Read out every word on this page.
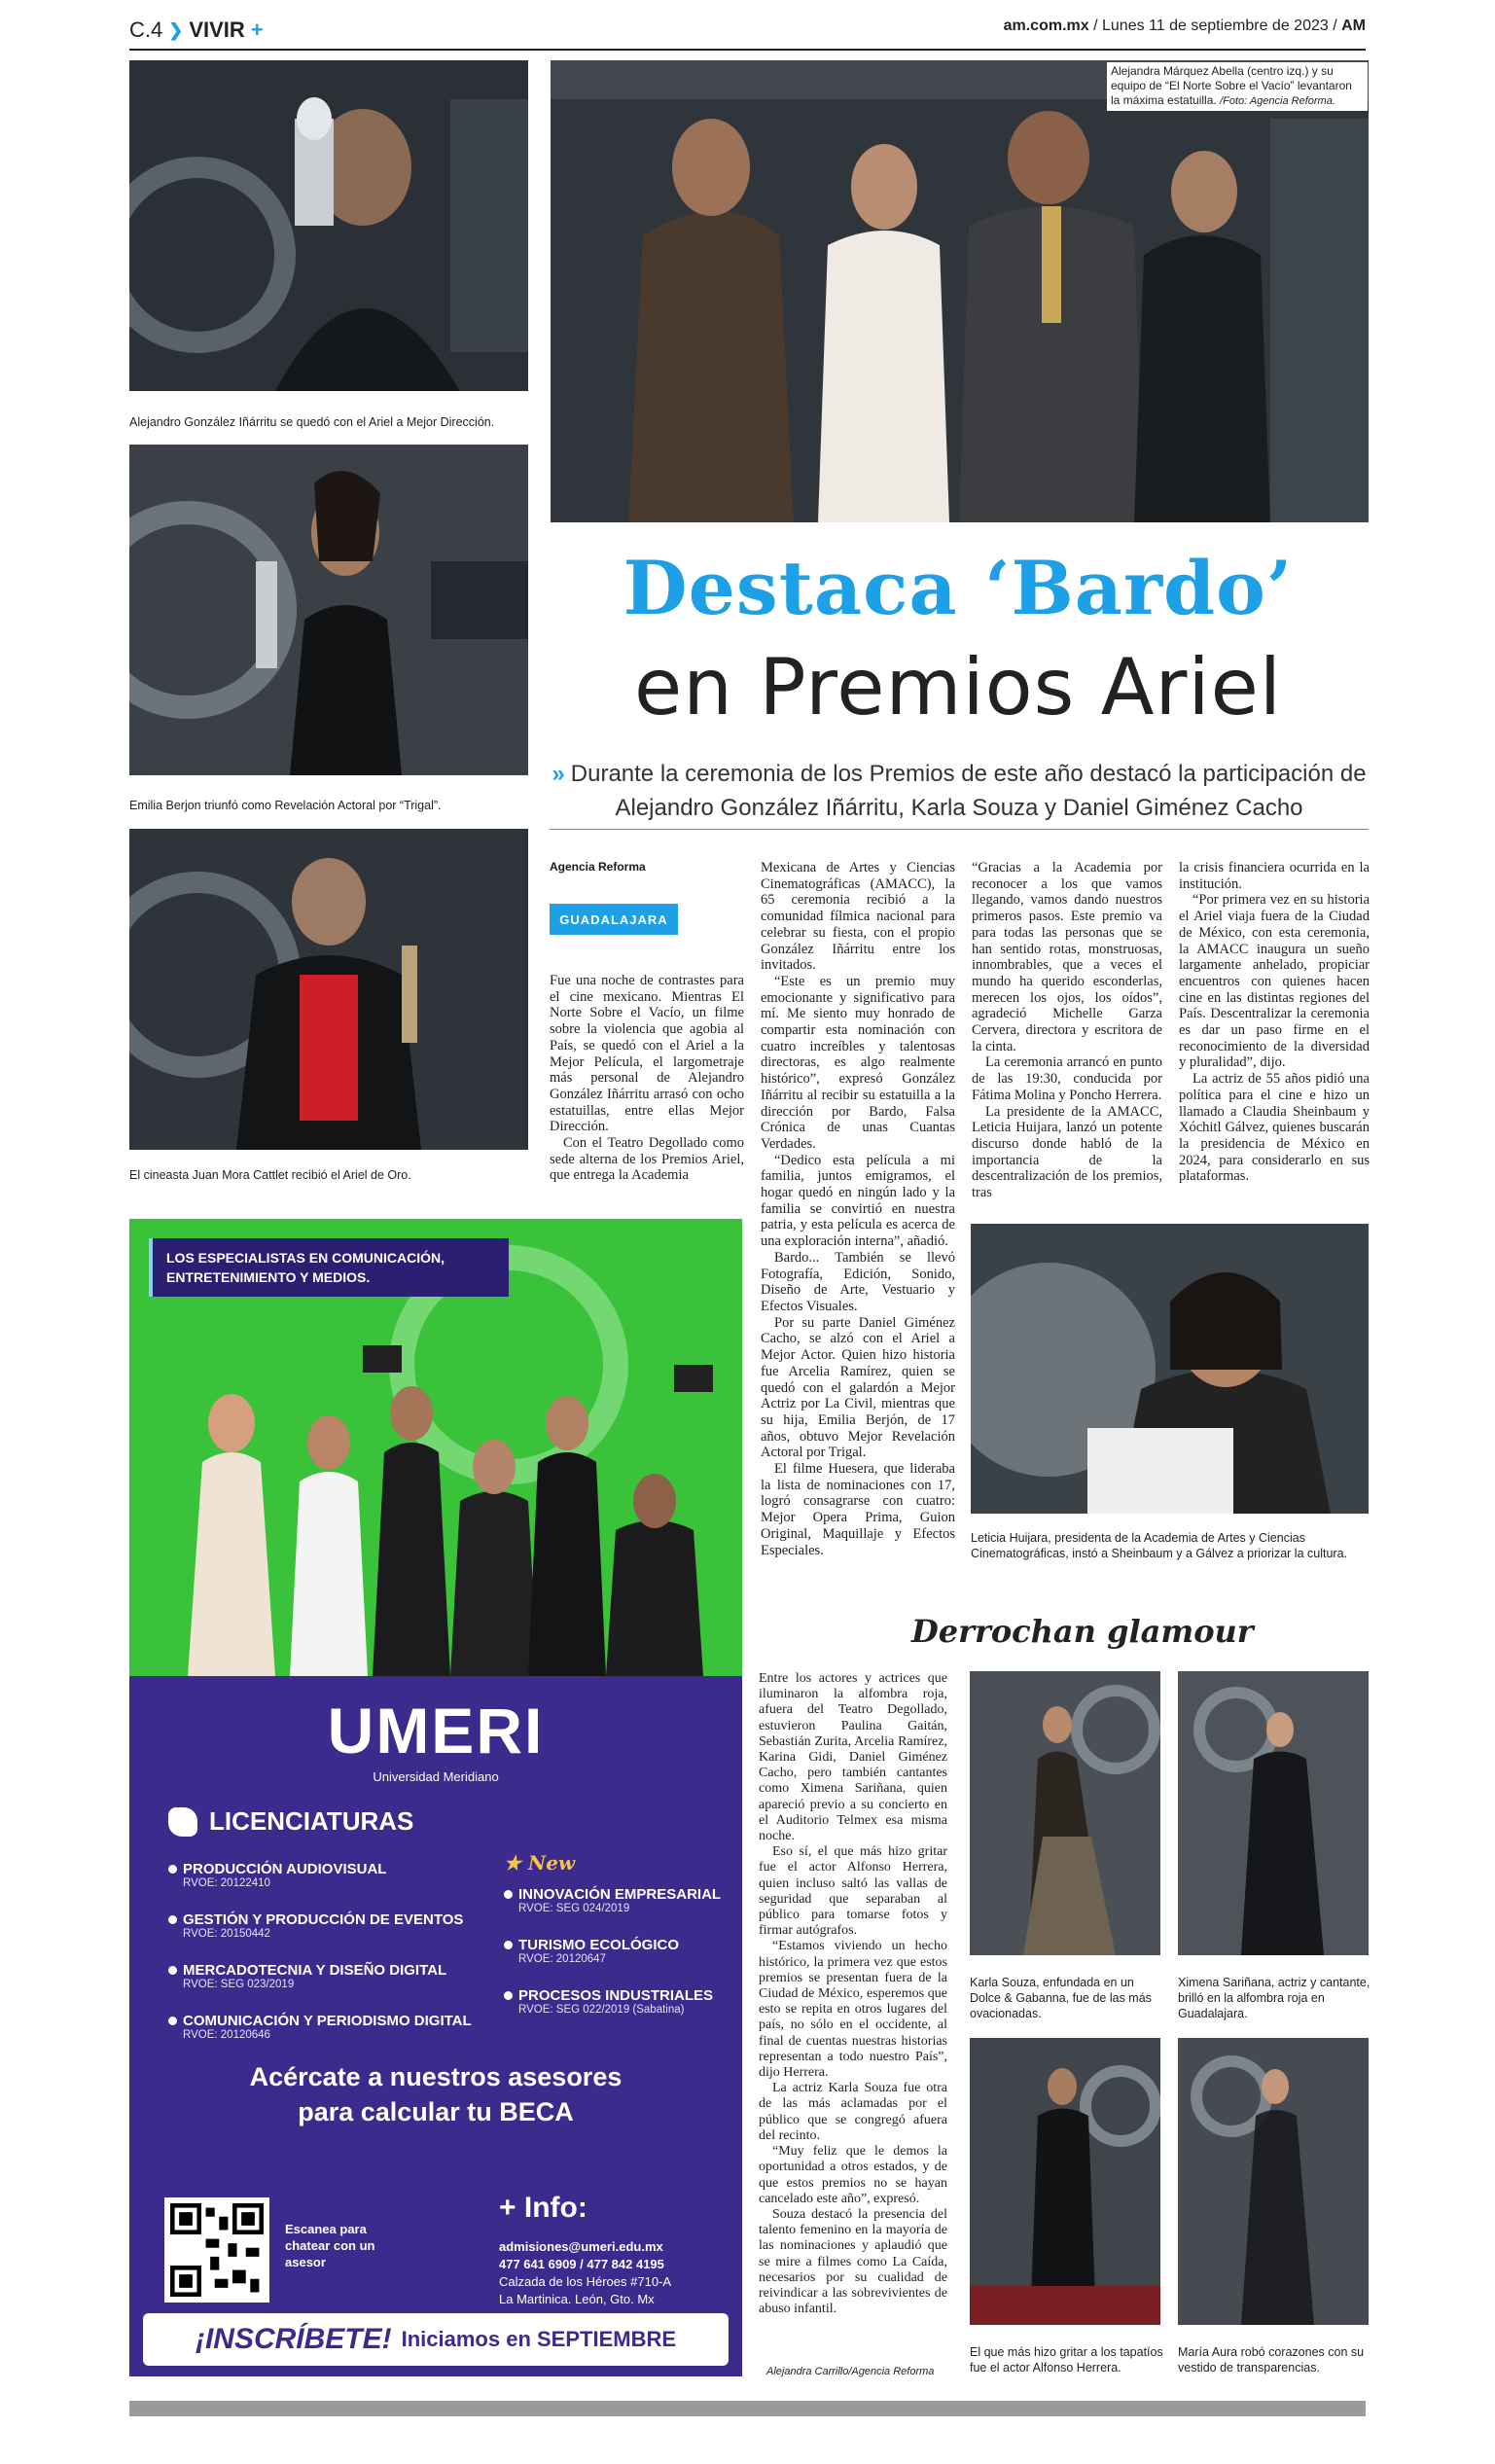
C.4 ❯ VIVIR +	am.com.mx / Lunes 11 de septiembre de 2023 / AM
Alejandro González Iñárritu se quedó con el Ariel a Mejor Dirección.
Emilia Berjon triunfó como Revelación Actoral por “Trigal”.
El cineasta Juan Mora Cattlet recibió el Ariel de Oro.
Alejandra Márquez Abella (centro izq.) y su equipo de “El Norte Sobre el Vacío” levantaron la máxima estatuilla. /Foto: Agencia Reforma.
Destaca ‘Bardo’
en Premios Ariel
» Durante la ceremonia de los Premios de este año destacó la participación de Alejandro González Iñárritu, Karla Souza y Daniel Giménez Cacho
Agencia Reforma
GUADALAJARA

Fue una noche de contrastes para el cine mexicano. Mientras El Norte Sobre el Vacío, un filme sobre la violencia que agobia al País, se quedó con el Ariel a la Mejor Película, el largometraje más personal de Alejandro González Iñárritu arrasó con ocho estatuillas, entre ellas Mejor Dirección.

Con el Teatro Degollado como sede alterna de los Premios Ariel, que entrega la Academia

Mexicana de Artes y Ciencias Cinematográficas (AMACC), la 65 ceremonia recibió a la comunidad fílmica nacional para celebrar su fiesta, con el propio González Iñárritu entre los invitados.

“Este es un premio muy emocionante y significativo para mí. Me siento muy honrado de compartir esta nominación con cuatro increíbles y talentosas directoras, es algo realmente histórico”, expresó González Iñárritu al recibir su estatuilla a la dirección por Bardo, Falsa Crónica de unas Cuantas Verdades.

“Dedico esta película a mi familia, juntos emigramos, el hogar quedó en ningún lado y la familia se convirtió en nuestra patria, y esta película es acerca de una exploración interna”, añadió.

Bardo... También se llevó Fotografía, Edición, Sonido, Diseño de Arte, Vestuario y Efectos Visuales.

Por su parte Daniel Giménez Cacho, se alzó con el Ariel a Mejor Actor. Quien hizo historia fue Arcelia Ramírez, quien se quedó con el galardón a Mejor Actriz por La Civil, mientras que su hija, Emilia Berjón, de 17 años, obtuvo Mejor Revelación Actoral por Trigal.

El filme Huesera, que lideraba la lista de nominaciones con 17, logró consagrarse con cuatro: Mejor Opera Prima, Guion Original, Maquillaje y Efectos Especiales.

“Gracias a la Academia por reconocer a los que vamos llegando, vamos dando nuestros primeros pasos. Este premio va para todas las personas que se han sentido rotas, monstruosas, innombrables, que a veces el mundo ha querido esconderlas, merecen los ojos, los oídos”, agradeció Michelle Garza Cervera, directora y escritora de la cinta.

La ceremonia arrancó en punto de las 19:30, conducida por Fátima Molina y Poncho Herrera.

La presidente de la AMACC, Leticia Huijara, lanzó un potente discurso donde habló de la importancia de la descentralización de los premios, tras

la crisis financiera ocurrida en la institución.

“Por primera vez en su historia el Ariel viaja fuera de la Ciudad de México, con esta ceremonia, la AMACC inaugura un sueño largamente anhelado, propiciar encuentros con quienes hacen cine en las distintas regiones del País. Descentralizar la ceremonia es dar un paso firme en el reconocimiento de la diversidad y pluralidad”, dijo.

La actriz de 55 años pidió una política para el cine e hizo un llamado a Claudia Sheinbaum y Xóchitl Gálvez, quienes buscarán la presidencia de México en 2024, para considerarlo en sus plataformas.

Leticia Huijara, presidenta de la Academia de Artes y Ciencias Cinematográficas, instó a Sheinbaum y a Gálvez a priorizar la cultura.
Derrochan glamour

Entre los actores y actrices que iluminaron la alfombra roja, afuera del Teatro Degollado, estuvieron Paulina Gaitán, Sebastián Zurita, Arcelia Ramírez, Karina Gidi, Daniel Giménez Cacho, pero también cantantes como Ximena Sariñana, quien apareció previo a su concierto en el Auditorio Telmex esa misma noche.

Eso sí, el que más hizo gritar fue el actor Alfonso Herrera, quien incluso saltó las vallas de seguridad que separaban al público para tomarse fotos y firmar autógrafos.

“Estamos viviendo un hecho histórico, la primera vez que estos premios se presentan fuera de la Ciudad de México, esperemos que esto se repita en otros lugares del país, no sólo en el occidente, al final de cuentas nuestras historias representan a todo nuestro País”, dijo Herrera.

La actriz Karla Souza fue otra de las más aclamadas por el público que se congregó afuera del recinto.

“Muy feliz que le demos la oportunidad a otros estados, y de que estos premios no se hayan cancelado este año”, expresó.

Souza destacó la presencia del talento femenino en la mayoría de las nominaciones y aplaudió que se mire a filmes como La Caída, necesarios por su cualidad de reivindicar a las sobrevivientes de abuso infantil.

Alejandra Carrillo/Agencia Reforma
Karla Souza, enfundada en un Dolce & Gabanna, fue de las más ovacionadas.
Ximena Sariñana, actriz y cantante, brilló en la alfombra roja en Guadalajara.
El que más hizo gritar a los tapatíos fue el actor Alfonso Herrera.
María Aura robó corazones con su vestido de transparencias.
LOS ESPECIALISTAS EN COMUNICACIÓN, ENTRETENIMIENTO Y MEDIOS.
UMERI
Universidad Meridiano
LICENCIATURAS
PRODUCCIÓN AUDIOVISUAL
RVOE: 20122410
GESTIÓN Y PRODUCCIÓN DE EVENTOS
RVOE: 20150442
MERCADOTECNIA Y DISEÑO DIGITAL
RVOE: SEG 023/2019
COMUNICACIÓN Y PERIODISMO DIGITAL
RVOE: 20120646
★ New
INNOVACIÓN EMPRESARIAL
RVOE: SEG 024/2019
TURISMO ECOLÓGICO
RVOE: 20120647
PROCESOS INDUSTRIALES
RVOE: SEG 022/2019 (Sabatina)
Acércate a nuestros asesores para calcular tu BECA
Escanea para chatear con un asesor
+ Info:
admisiones@umeri.edu.mx
477 641 6909 / 477 842 4195
Calzada de los Héroes #710-A
La Martinica. León, Gto. Mx
¡INSCRÍBETE! Iniciamos en SEPTIEMBRE
